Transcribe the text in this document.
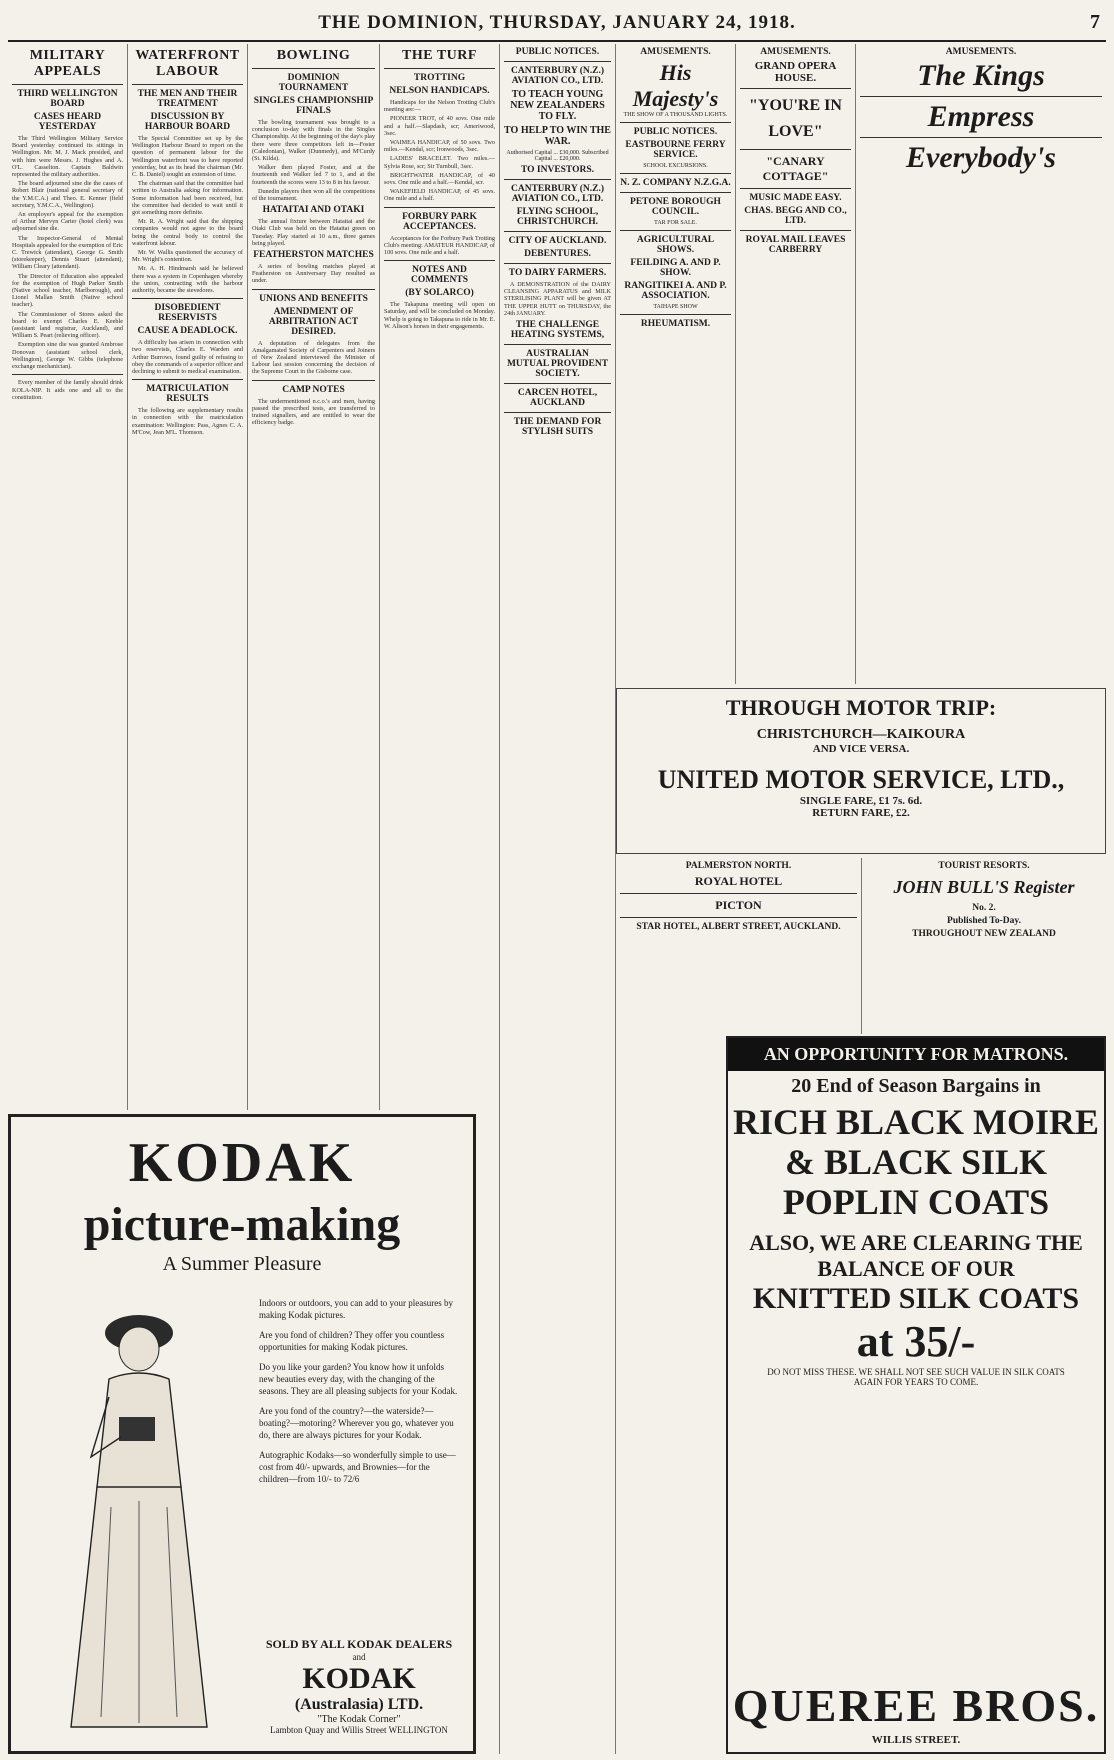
THE DOMINION, THURSDAY, JANUARY 24, 1918.	7
MILITARY APPEALS
THIRD WELLINGTON BOARD
CASES HEARD YESTERDAY

The Third Wellington Military Service Board yesterday continued its sittings in Wellington. Mr. M. J. Mack presided, and with him were Messrs. J. Hughes and A. O'L. Casselton. Captain Baldwin represented the military authorities.

The board adjourned sine die the cases of Robert Blair (national general secretary of the Y.M.C.A.) and Theo. E. Kenner (field secretary, Y.M.C.A., Wellington).

An employer's appeal for the exemption of Arthur Mervyn Carter (hotel clerk) was adjourned sine die.

The Inspector-General of Mental Hospitals appealed for the exemption of Eric C. Trewick (attendant), George G. Smith (storekeeper), Dennis Stuart (attendant), William Cleary (attendant).

The Director of Education also appealed for the exemption of Hugh Parker Smith (Native school teacher, Marlborough), and Lionel Mallan Smith (Native school teacher).

The Commissioner of Stores asked the board to exempt Charles E. Keeble (assistant land registrar, Auckland), and William S. Peart (relieving officer).

Exemption sine die was granted Ambrose Donovan (assistant school clerk, Wellington), George W. Gibbs (telephone exchange mechanician).

Every member of the family should drink KOLA-NIP. It aids one and all to the constitution.

WATERFRONT LABOUR
THE MEN AND THEIR TREATMENT
DISCUSSION BY HARBOUR BOARD

The Special Committee set up by the Wellington Harbour Board to report on the question of permanent labour for the Wellington waterfront was to have reported yesterday, but as its head the chairman (Mr. C. B. Daniel) sought an extension of time.

The chairman said that the committee had written to Australia asking for information. Some information had been received, but the committee had decided to wait until it got something more definite.

Mr. R. A. Wright said that the shipping companies would not agree to the board being the central body to control the waterfront labour.

Mr. W. Wallis questioned the accuracy of Mr. Wright's contention.

Mr. A. H. Hindmarsh said he believed there was a system in Copenhagen whereby the union, contracting with the harbour authority, became the stevedores.

DISOBEDIENT RESERVISTS
CAUSE A DEADLOCK.

A difficulty has arisen in connection with two reservists, Charles E. Warden and Arthur Burrows, found guilty of refusing to obey the commands of a superior officer and declining to submit to medical examination.

MATRICULATION RESULTS

The following are supplementary results in connection with the matriculation examination: Wellington: Pass, Agnes C. A. M'Cow, Jean M'L. Thomson.

BOWLING
DOMINION TOURNAMENT
SINGLES CHAMPIONSHIP FINALS

The bowling tournament was brought to a conclusion to-day with finals in the Singles Championship. At the beginning of the day's play there were three competitors left in—Foster (Caledonian), Walker (Dunmedy), and M'Curdy (St. Kilda).

Walker then played Foster, and at the fourteenth end Walker led 7 to 1, and at the fourteenth the scores were 13 to 8 in his favour.

Dunedin players then won all the competitions of the tournament.

HATAITAI AND OTAKI

The annual fixture between Hataitai and the Otaki Club was held on the Hataitai green on Tuesday. Play started at 10 a.m., three games being played.

FEATHERSTON MATCHES

A series of bowling matches played at Featherston on Anniversary Day resulted as under.

UNIONS AND BENEFITS
AMENDMENT OF ARBITRATION ACT DESIRED.

A deputation of delegates from the Amalgamated Society of Carpenters and Joiners of New Zealand interviewed the Minister of Labour last session concerning the decision of the Supreme Court in the Gisborne case.

CAMP NOTES

The undermentioned n.c.o.'s and men, having passed the prescribed tests, are transferred to trained signallers, and are entitled to wear the efficiency badge.

THE TURF
TROTTING
NELSON HANDICAPS.

Handicaps for the Nelson Trotting Club's meeting are:—

PIONEER TROT, of 40 sovs. One mile and a half.—Slapdash, scr; Ameriwood, 3sec.

WAIMEA HANDICAP, of 50 sovs. Two miles.—Kendal, scr; Ironwoods, 3sec.

LADIES' BRACELET. Two miles.—Sylvia Rose, scr; Sir Turnbull, 3sec.

BRIGHTWATER HANDICAP, of 40 sovs. One mile and a half.—Kendal, scr.

WAKEFIELD HANDICAP, of 45 sovs. One mile and a half.

FORBURY PARK ACCEPTANCES.

Acceptances for the Forbury Park Trotting Club's meeting: AMATEUR HANDICAP, of 100 sovs. One mile and a half.

NOTES AND COMMENTS
(BY SOLARCO)

The Takapuna meeting will open on Saturday, and will be concluded on Monday. Whelp is going to Takapuna to ride in Mr. E. W. Alison's horses in their engagements.

PUBLIC NOTICES.
CANTERBURY (N.Z.) AVIATION CO., LTD.
TO TEACH YOUNG NEW ZEALANDERS TO FLY.
TO HELP TO WIN THE WAR.
Authorised Capital ... £30,000. Subscribed Capital ... £20,000.
TO INVESTORS.
CANTERBURY (N.Z.) AVIATION CO., LTD.
FLYING SCHOOL, CHRISTCHURCH.
CITY OF AUCKLAND.
DEBENTURES.
TO DAIRY FARMERS.

A DEMONSTRATION of the DAIRY CLEANSING APPARATUS and MILK STERILISING PLANT will be given AT THE UPPER HUTT on THURSDAY, the 24th JANUARY.

THE CHALLENGE HEATING SYSTEMS,
AUSTRALIAN MUTUAL PROVIDENT SOCIETY.
CARCEN HOTEL, AUCKLAND
THE DEMAND FOR STYLISH SUITS
AMUSEMENTS.
His Majesty's
THE SHOW OF A THOUSAND LIGHTS.
PUBLIC NOTICES.
EASTBOURNE FERRY SERVICE.
SCHOOL EXCURSIONS.
N. Z. COMPANY N.Z.G.A.
PETONE BOROUGH COUNCIL.
TAR FOR SALE.
AGRICULTURAL SHOWS.
FEILDING A. AND P. SHOW.
RANGITIKEI A. AND P. ASSOCIATION.
TAIHAPE SHOW
RHEUMATISM.
AMUSEMENTS.
GRAND OPERA HOUSE.
"YOU'RE IN LOVE"
"CANARY COTTAGE"
MUSIC MADE EASY.
CHAS. BEGG AND CO., LTD.
ROYAL MAIL LEAVES CARBERRY
AMUSEMENTS.
The Kings
Empress
Everybody's
THROUGH MOTOR TRIP:
CHRISTCHURCH—KAIKOURA
AND VICE VERSA.
UNITED MOTOR SERVICE, LTD.,
SINGLE FARE, £1 7s. 6d.
RETURN FARE, £2.
PALMERSTON NORTH.
ROYAL HOTEL
PICTON
STAR HOTEL, ALBERT STREET, AUCKLAND.
TOURIST RESORTS.
JOHN BULL'S Register
No. 2.
Published To-Day.
THROUGHOUT NEW ZEALAND
KODAK
picture-making
A Summer Pleasure

Indoors or outdoors, you can add to your pleasures by making Kodak pictures.

Are you fond of children? They offer you countless opportunities for making Kodak pictures.

Do you like your garden? You know how it unfolds new beauties every day, with the changing of the seasons. They are all pleasing subjects for your Kodak.

Are you fond of the country?—the waterside?—boating?—motoring? Wherever you go, whatever you do, there are always pictures for your Kodak.

Autographic Kodaks—so wonderfully simple to use—cost from 40/- upwards, and Brownies—for the children—from 10/- to 72/6

SOLD BY ALL KODAK DEALERS
and
KODAK
(Australasia) LTD.
"The Kodak Corner"
Lambton Quay and Willis Street WELLINGTON
AN OPPORTUNITY FOR MATRONS.
20 End of Season Bargains in
RICH BLACK MOIRE & BLACK SILK POPLIN COATS
ALSO, WE ARE CLEARING THE BALANCE OF OUR
KNITTED SILK COATS
at 35/-
DO NOT MISS THESE. WE SHALL NOT SEE SUCH VALUE IN SILK COATS AGAIN FOR YEARS TO COME.
QUEREE BROS.
WILLIS STREET.
